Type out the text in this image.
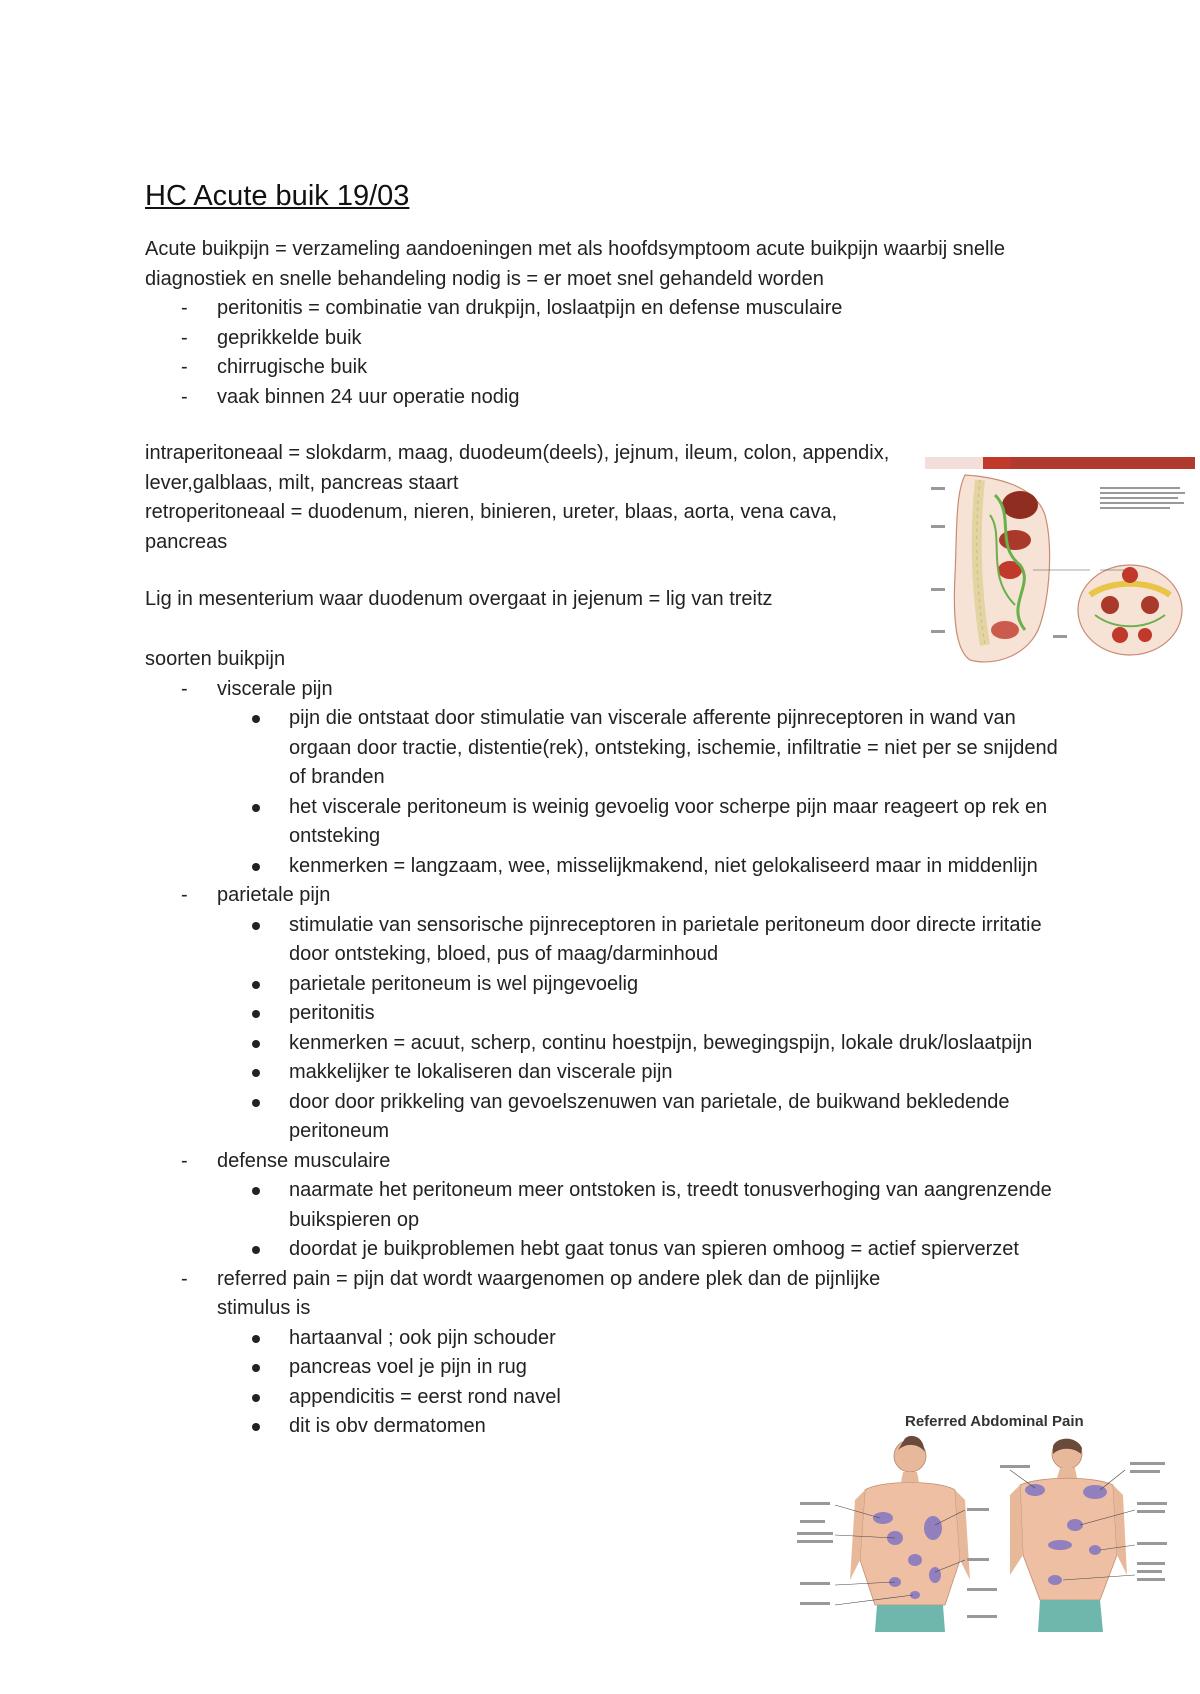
HC Acute buik 19/03

Acute buikpijn = verzameling aandoeningen met als hoofdsymptoom acute buikpijn waarbij snelle diagnostiek en snelle behandeling nodig is = er moet snel gehandeld worden

- peritonitis = combinatie van drukpijn, loslaatpijn en defense musculaire
- geprikkelde buik
- chirrugische buik
- vaak binnen 24 uur operatie nodig

intraperitoneaal = slokdarm, maag, duodeum(deels), jejnum, ileum, colon, appendix, lever,galblaas, milt, pancreas staart

retroperitoneaal = duodenum, nieren, binieren, ureter, blaas, aorta, vena cava, pancreas

Lig in mesenterium waar duodenum overgaat in jejenum = lig van treitz

soorten buikpijn

- viscerale pijn
pijn die ontstaat door stimulatie van viscerale afferente pijnreceptoren in wand van orgaan door tractie, distentie(rek), ontsteking, ischemie, infiltratie = niet per se snijdend of branden
het viscerale peritoneum is weinig gevoelig voor scherpe pijn maar reageert op rek en ontsteking
kenmerken = langzaam, wee, misselijkmakend, niet gelokaliseerd maar in middenlijn
- parietale pijn
stimulatie van sensorische pijnreceptoren in parietale peritoneum door directe irritatie door ontsteking, bloed, pus of maag/darminhoud
parietale peritoneum is wel pijngevoelig
peritonitis
kenmerken = acuut, scherp, continu hoestpijn, bewegingspijn, lokale druk/loslaatpijn
makkelijker te lokaliseren dan viscerale pijn
door door prikkeling van gevoelszenuwen van parietale, de buikwand bekledende peritoneum
- defense musculaire
naarmate het peritoneum meer ontstoken is, treedt tonusverhoging van aangrenzende buikspieren op
doordat je buikproblemen hebt gaat tonus van spieren omhoog = actief spierverzet
- referred pain = pijn dat wordt waargenomen op andere plek dan de pijnlijke stimulus is
hartaanval ; ook pijn schouder
pancreas voel je pijn in rug
appendicitis = eerst rond navel
dit is obv dermatomen	Referred Abdominal Pain
